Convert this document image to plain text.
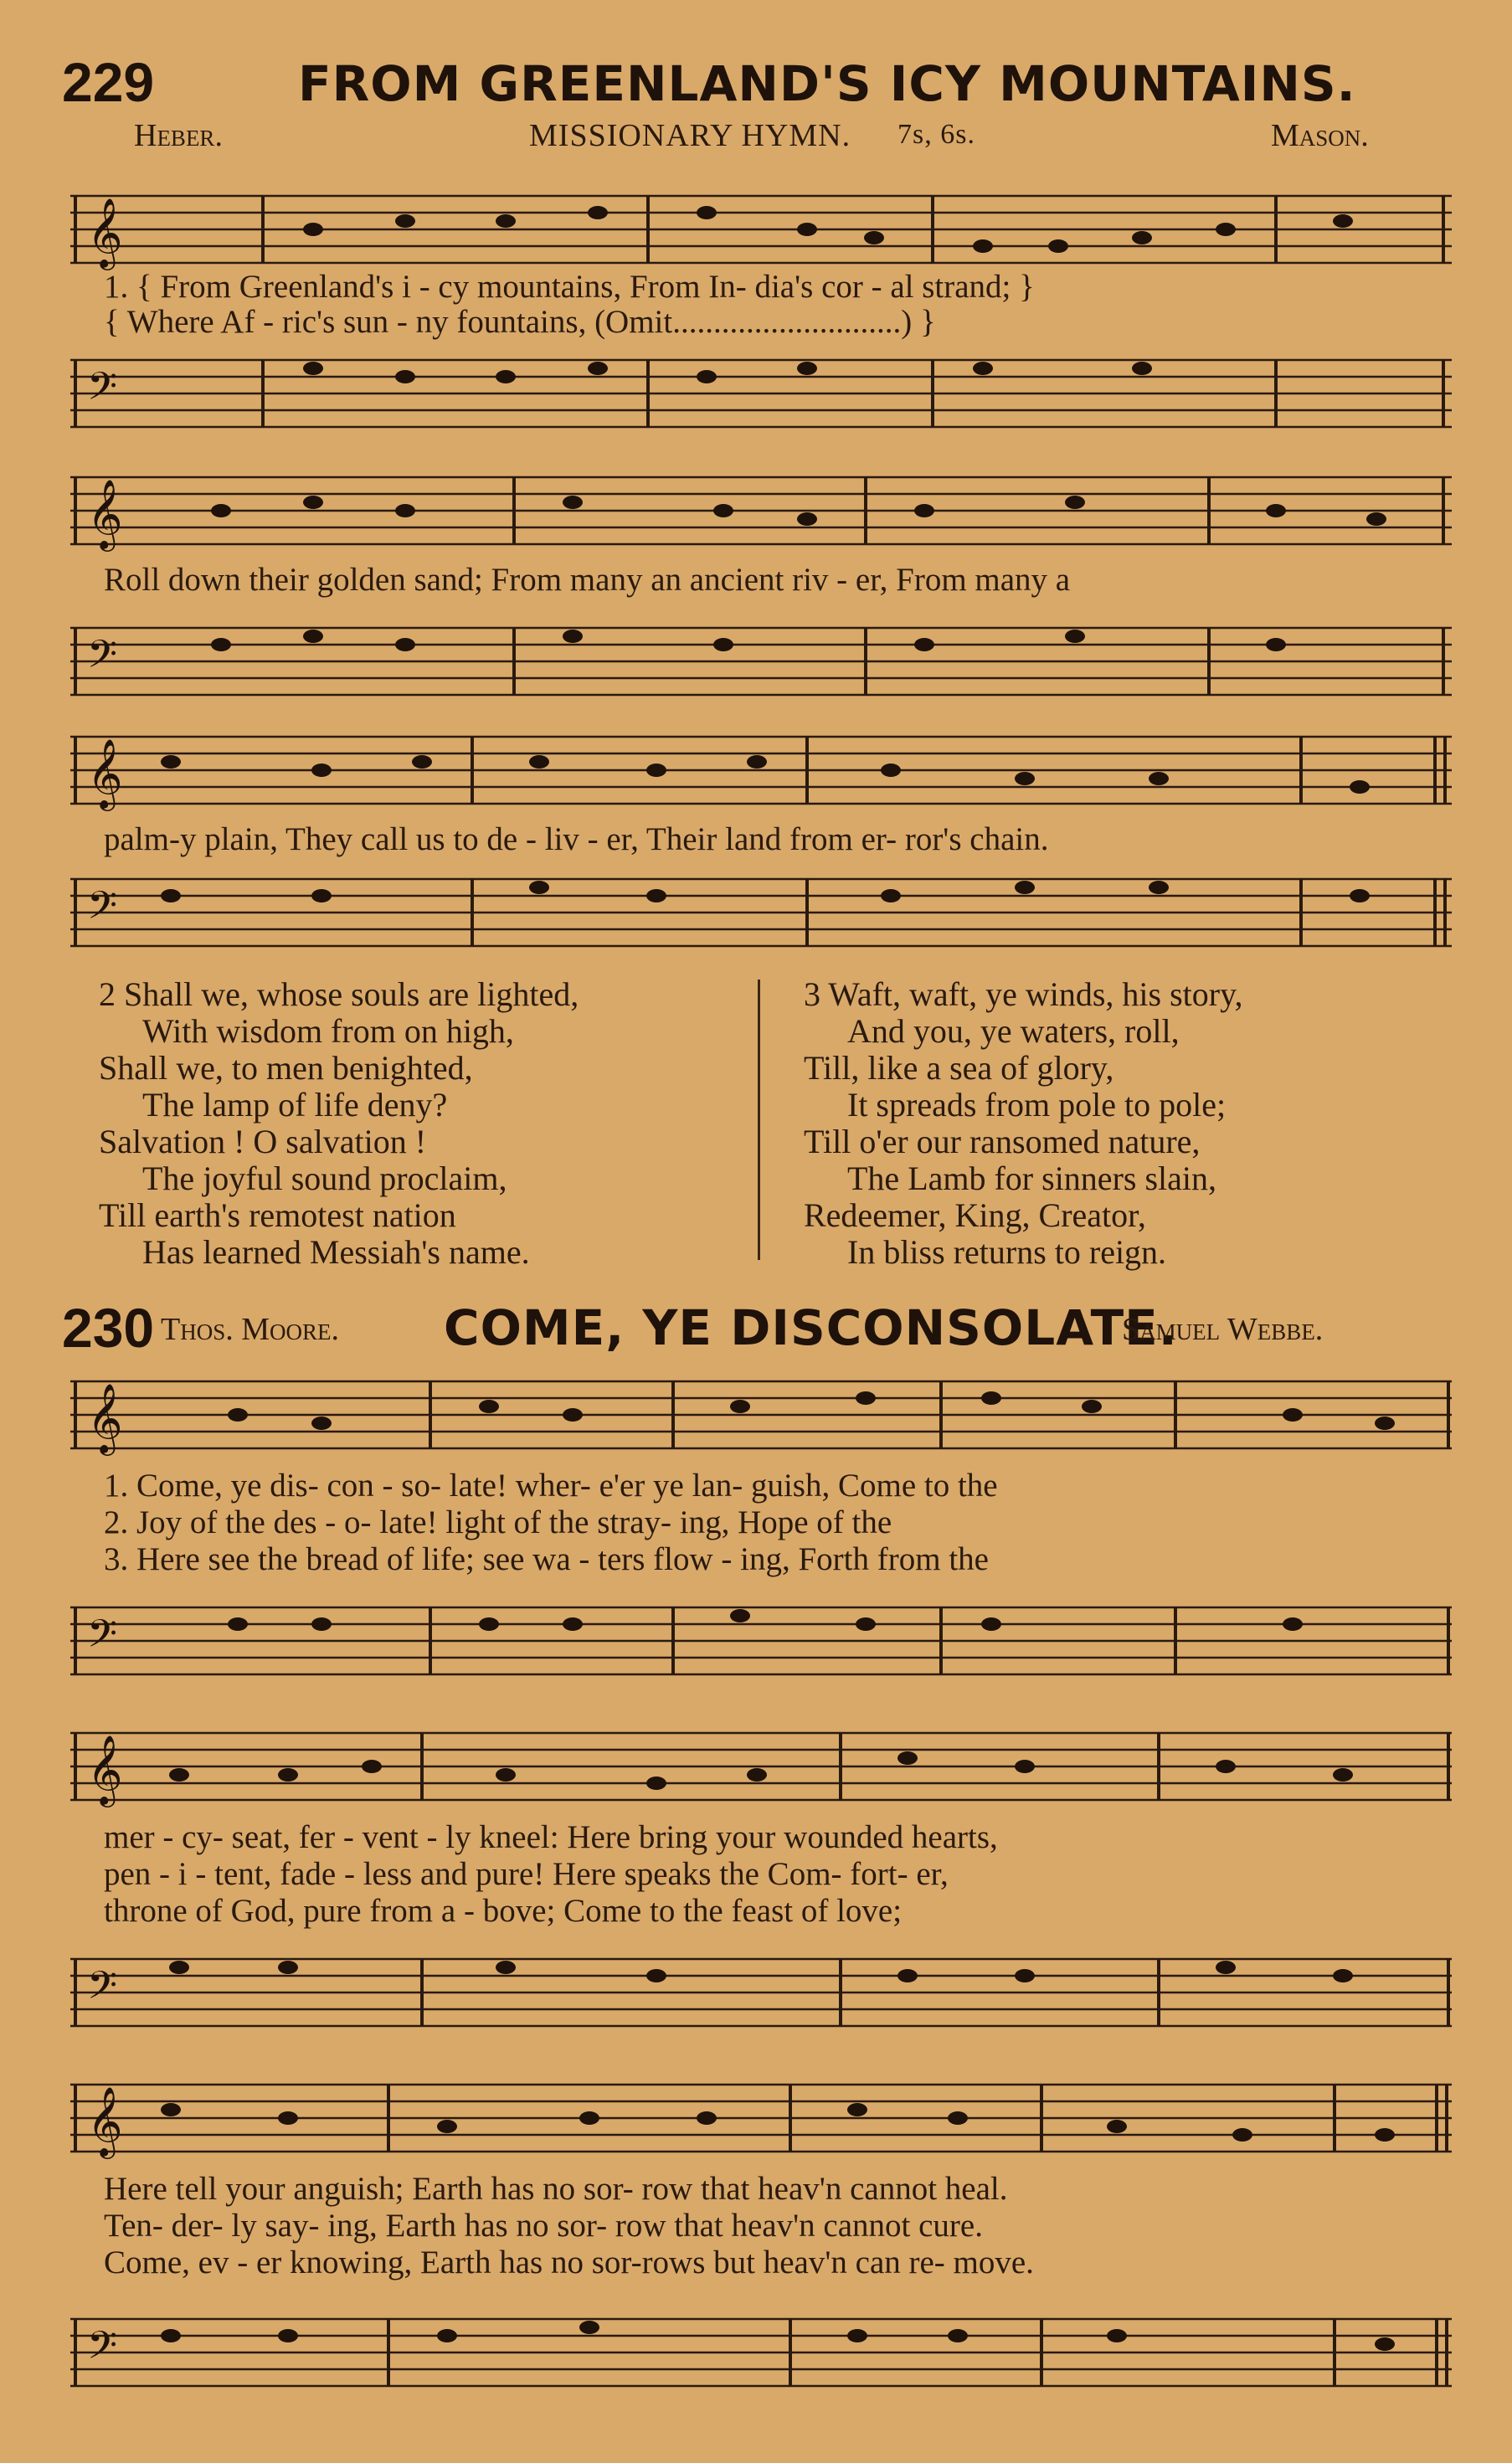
229	FROM GREENLAND'S ICY MOUNTAINS.
Heber.	MISSIONARY HYMN. 7s, 6s.	Mason.
𝄞
1. { From Greenland's i - cy mountains, From In- dia's cor - al strand; }
{ Where Af - ric's sun - ny fountains, (Omit............................) }
𝄢
𝄞
Roll down their golden sand; From many an ancient riv - er, From many a
𝄢
𝄞
palm-y plain, They call us to de - liv - er, Their land from er- ror's chain.
𝄢
2 Shall we, whose souls are lighted,
With wisdom from on high,
Shall we, to men benighted,
The lamp of life deny?
Salvation ! O salvation !
The joyful sound proclaim,
Till earth's remotest nation
Has learned Messiah's name.
3 Waft, waft, ye winds, his story,
And you, ye waters, roll,
Till, like a sea of glory,
It spreads from pole to pole;
Till o'er our ransomed nature,
The Lamb for sinners slain,
Redeemer, King, Creator,
In bliss returns to reign.
230 Thos. Moore. COME, YE DISCONSOLATE.
Samuel Webbe.
𝄞
1. Come, ye dis- con - so- late! wher- e'er ye lan- guish, Come to the
2. Joy of the des - o- late! light of the stray- ing, Hope of the
3. Here see the bread of life; see wa - ters flow - ing, Forth from the
𝄢
𝄞
mer - cy- seat, fer - vent - ly kneel: Here bring your wounded hearts,
pen - i - tent, fade - less and pure! Here speaks the Com- fort- er,
throne of God, pure from a - bove; Come to the feast of love;
𝄢
𝄞
Here tell your anguish; Earth has no sor- row that heav'n cannot heal.
Ten- der- ly say- ing, Earth has no sor- row that heav'n cannot cure.
Come, ev - er knowing, Earth has no sor-rows but heav'n can re- move.
𝄢
